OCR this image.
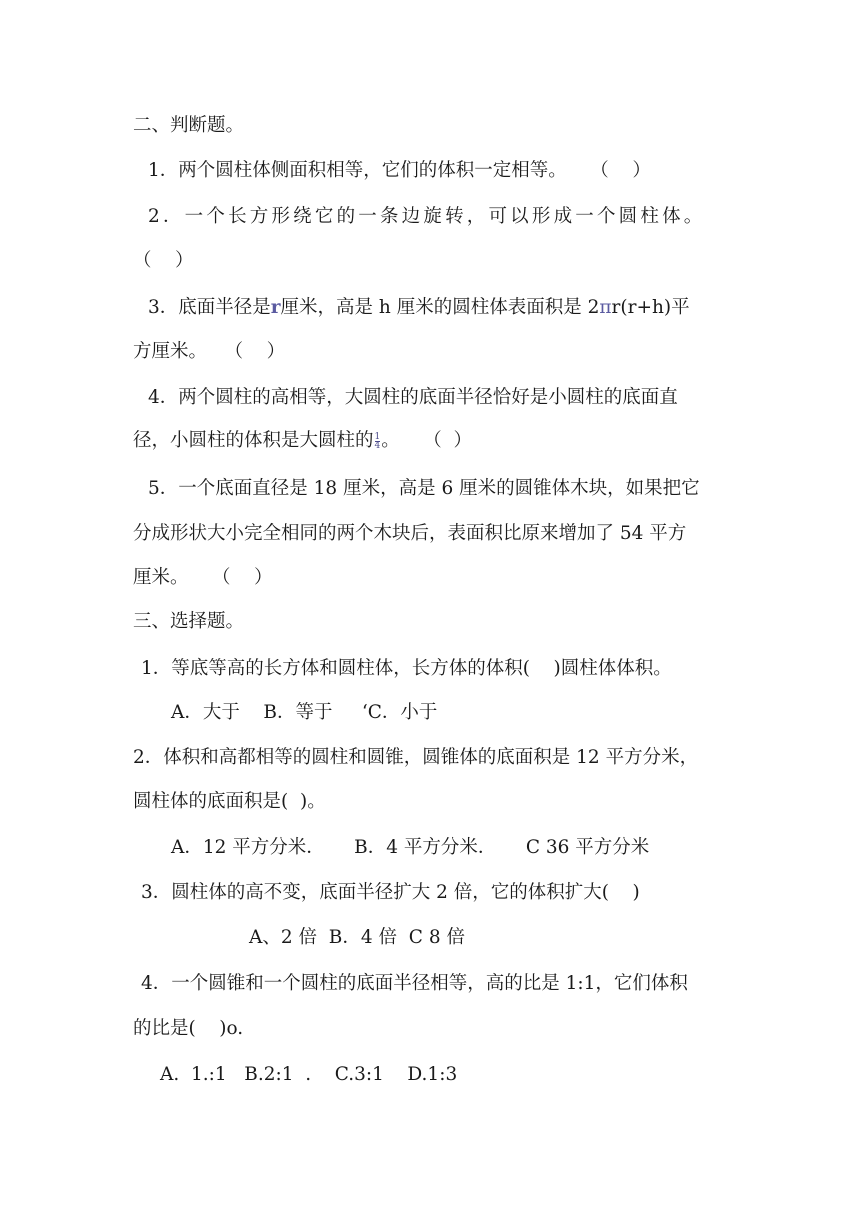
二、判断题。
1．两个圆柱体侧面积相等，它们的体积一定相等。    （    ）
2．一个长方形绕它的一条边旋转，可以形成一个圆柱体。
（    ）
3．底面半径是r厘米，高是 h 厘米的圆柱体表面积是 2πr(r+h)平
方厘米。   （    ）
4．两个圆柱的高相等，大圆柱的底面半径恰好是小圆柱的底面直
径，小圆柱的体积是大圆柱的 $\frac{1}{4}$ 。    （  ）
5．一个底面直径是 18 厘米，高是 6 厘米的圆锥体木块，如果把它
分成形状大小完全相同的两个木块后，表面积比原来增加了 54 平方
厘米。    （    ）
三、选择题。
1．等底等高的长方体和圆柱体，长方体的体积(    )圆柱体体积。
A．大于    B．等于     ‘C．小于
2．体积和高都相等的圆柱和圆锥，圆锥体的底面积是 12 平方分米，
圆柱体的底面积是(  )。
A．12 平方分米．     B．4 平方分米．     C 36 平方分米
3．圆柱体的高不变，底面半径扩大 2 倍，它的体积扩大(    )
A、2 倍  B．4 倍  C 8 倍
4．一个圆锥和一个圆柱的底面半径相等，高的比是 1:1，它们体积
的比是(    )o.
A.  1.:1   B.2:1  .    C.3:1    D.1:3
